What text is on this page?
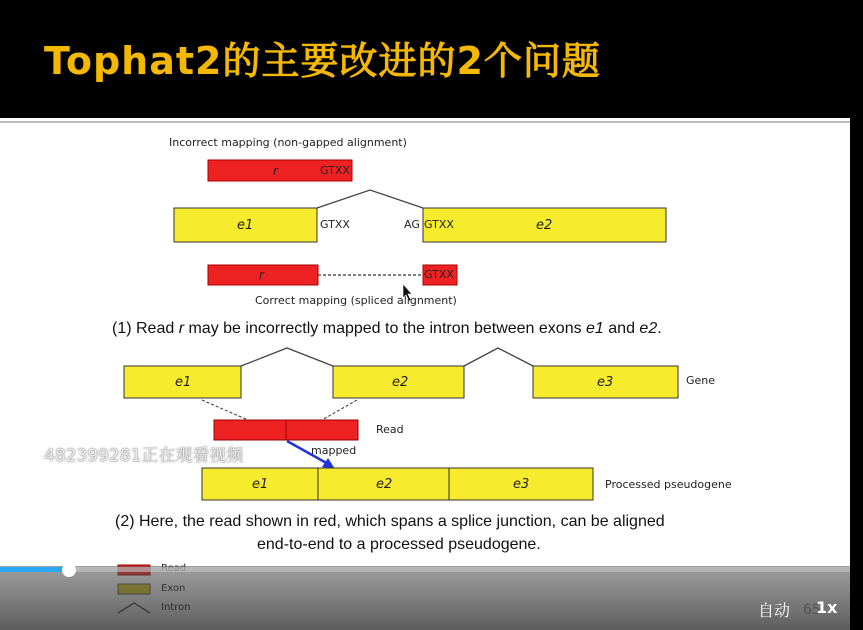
Tophat2的主要改进的2个问题
Incorrect mapping (non-gapped alignment)
r	GTXX
e1	GTXX	AG GTXX	e2
r	GTXX
Correct mapping (spliced alignment)
(1) Read r may be incorrectly mapped to the intron between exons e1 and e2.
e1	e2	e3	Gene
Read
mapped
e1	e2	e3	Processed pseudogene
(2) Here, the read shown in red, which spans a splice junction, can be aligned
end-to-end to a processed pseudogene.
482399281正在观看视频
自动 65
1x
